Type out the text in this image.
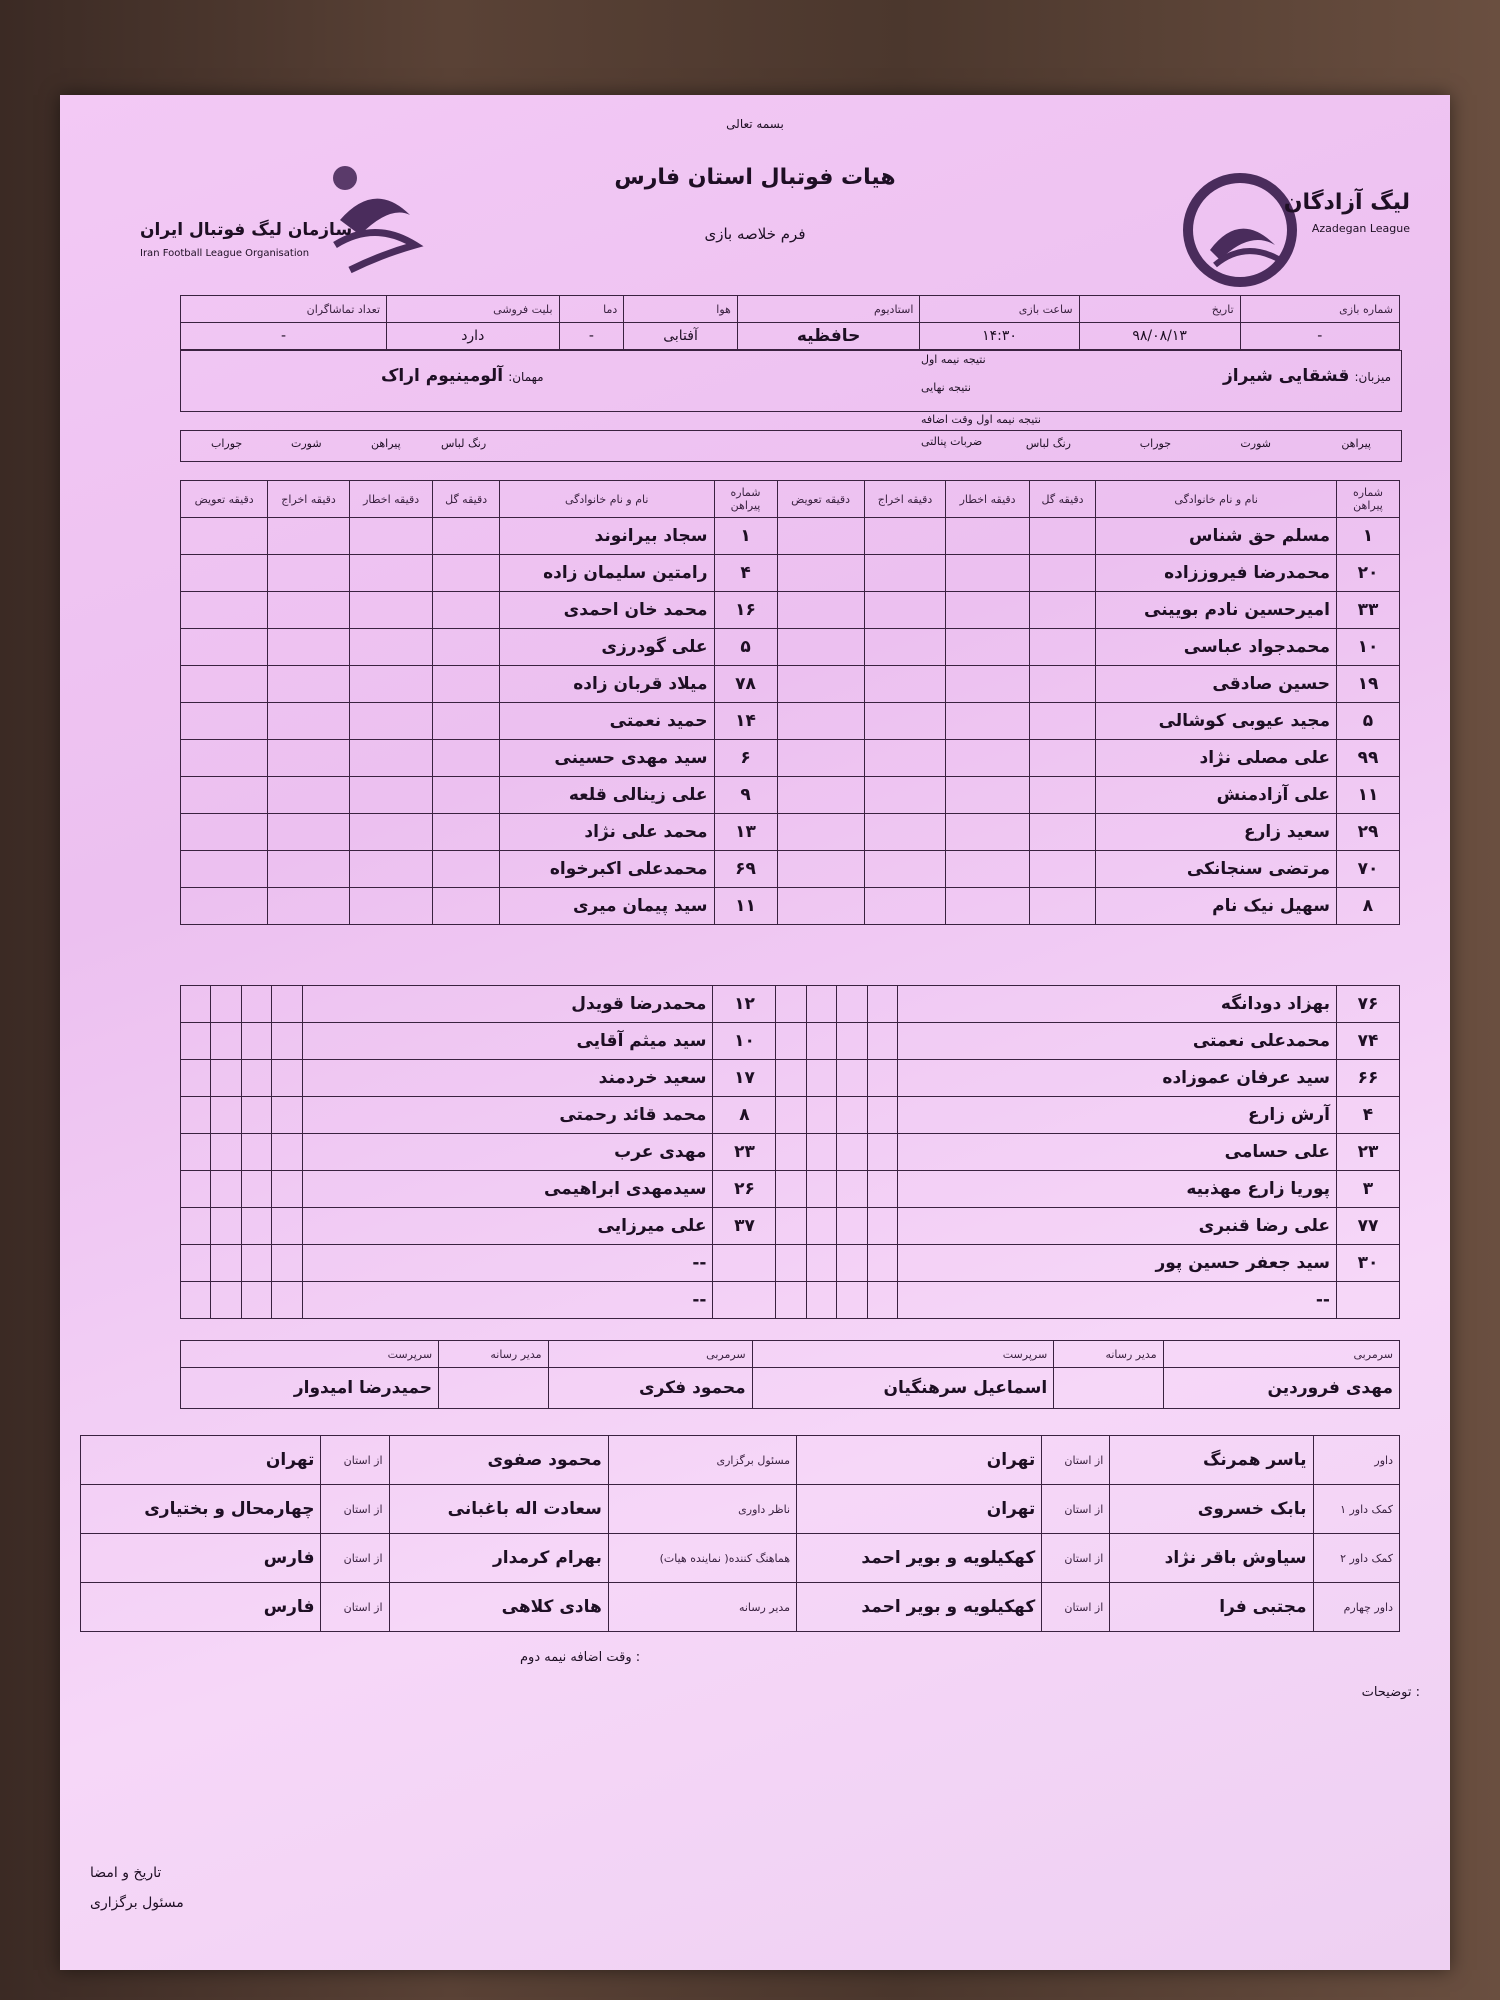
بسمه تعالی
هیات فوتبال استان فارس
فرم خلاصه بازی
لیگ آزادگان
Azadegan League
سازمان لیگ فوتبال ایران
Iran Football League Organisation
شماره بازی	تاریخ	ساعت بازی	استادیوم	هوا	دما	بلیت فروشی	تعداد تماشاگران
-	۹۸/۰۸/۱۳	۱۴:۳۰	حافظیه	آفتابی	-	دارد	-
میزبان: قشقایی شیراز
نتیجه نیمه اول
نتیجه نهایی
نتیجه نیمه اول وقت اضافه
ضربات پنالتی
مهمان: آلومینیوم اراک
پیراهن
شورت
جوراب
رنگ لباس
رنگ لباس
پیراهن
شورت
جوراب
شماره پیراهن	نام و نام خانوادگی	دقیقه گل	دقیقه اخطار	دقیقه اخراج	دقیقه تعویض	شماره پیراهن	نام و نام خانوادگی	دقیقه گل	دقیقه اخطار	دقیقه اخراج	دقیقه تعویض
۱	مسلم حق شناس					۱	سجاد بیرانوند				
۲۰	محمدرضا فیروززاده					۴	رامتین سلیمان زاده				
۳۳	امیرحسین نادم بویینی					۱۶	محمد خان احمدی				
۱۰	محمدجواد عباسی					۵	علی گودرزی				
۱۹	حسین صادقی					۷۸	میلاد قربان زاده				
۵	مجید عیوبی کوشالی					۱۴	حمید نعمتی				
۹۹	علی مصلی نژاد					۶	سید مهدی حسینی				
۱۱	علی آزادمنش					۹	علی زینالی قلعه				
۲۹	سعید زارع					۱۳	محمد علی نژاد				
۷۰	مرتضی سنجانکی					۶۹	محمدعلی اکبرخواه				
۸	سهیل نیک نام					۱۱	سید پیمان میری				
۷۶	بهزاد دودانگه					۱۲	محمدرضا قویدل				
۷۴	محمدعلی نعمتی					۱۰	سید میثم آقایی				
۶۶	سید عرفان عموزاده					۱۷	سعید خردمند				
۴	آرش زارع					۸	محمد قائد رحمتی				
۲۳	علی حسامی					۲۳	مهدی عرب				
۳	پوریا زارع مهذبیه					۲۶	سیدمهدی ابراهیمی				
۷۷	علی رضا قنبری					۳۷	علی میرزایی				
۳۰	سید جعفر حسین پور						--				
	--						--				
سرمربی	مدیر رسانه	سرپرست	سرمربی	مدیر رسانه	سرپرست
مهدی فروردین		اسماعیل سرهنگیان	محمود فکری		حمیدرضا امیدوار
داور	یاسر همرنگ	از استان	تهران	مسئول برگزاری	محمود صفوی	از استان	تهران
کمک داور ۱	بابک خسروی	از استان	تهران	ناظر داوری	سعادت اله باغبانی	از استان	چهارمحال و بختیاری
کمک داور ۲	سیاوش باقر نژاد	از استان	کهکیلویه و بویر احمد	هماهنگ کننده( نماینده هیات)	بهرام کرمدار	از استان	فارس
داور چهارم	مجتبی فرا	از استان	کهکیلویه و بویر احمد	مدیر رسانه	هادی کلاهی	از استان	فارس
وقت اضافه نیمه دوم :
توضیحات :
تاریخ و امضا
مسئول برگزاری
